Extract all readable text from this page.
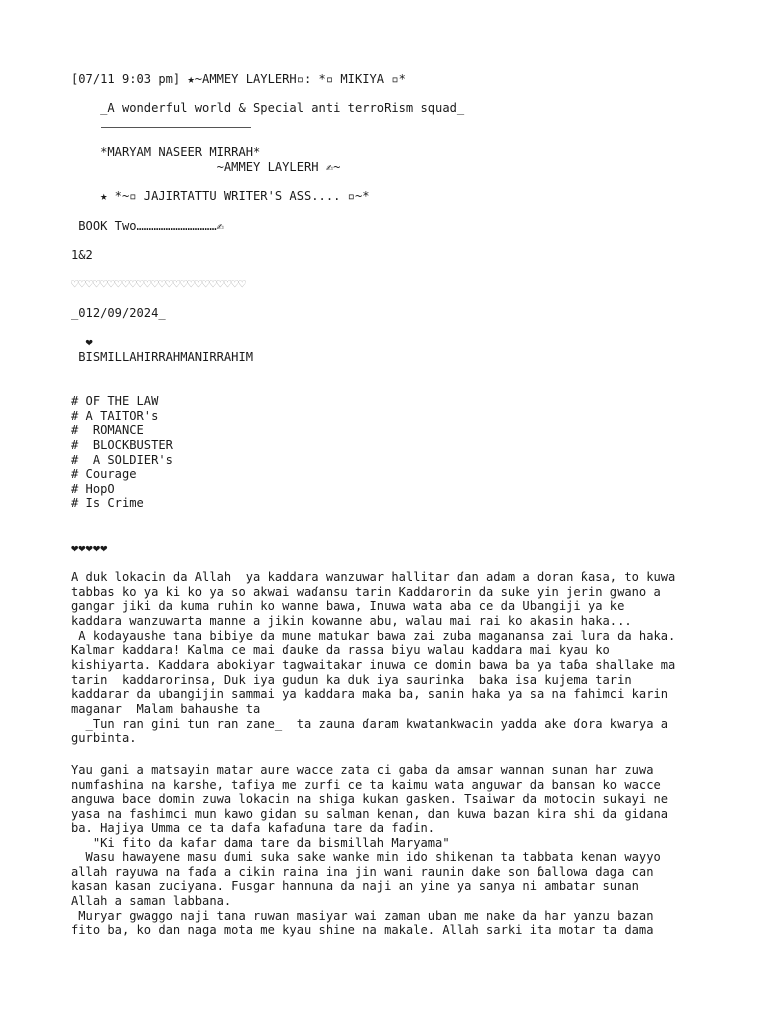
[07/11 9:03 pm] ★~AMMEY LAYLERH▫: *▫ MIKIYA ▫*
_A wonderful world & Special anti terroRism squad_
*MARYAM NASEER MIRRAH*
~AMMEY LAYLERH ✍~
★ *~▫ JAJIRTATTU WRITER'S ASS.... ▫~*
BOOK Two……………………………✍
1&2
♡♡♡♡♡♡♡♡♡♡♡♡♡♡♡♡♡♡♡♡♡♡♡♡
_012/09/2024_
❤
BISMILLAHIRRAHMANIRRAHIM
# OF THE LAW
# A TAITOR's
#  ROMANCE
#  BLOCKBUSTER
#  A SOLDIER's
# Courage
# HopO
# Is Crime
❤❤❤❤❤
A duk lokacin da Allah  ya kaddara wanzuwar hallitar ɗan adam a doran ƙasa, to kuwa
tabbas ko ya ki ko ya so akwai waɗansu tarin Kaddarorin da suke yin jerin gwano a
gangar jiki da kuma ruhin ko wanne bawa, Inuwa wata aba ce da Ubangiji ya ke
kaddara wanzuwarta manne a jikin kowanne abu, walau mai rai ko akasin haka...
A kodayaushe tana bibiye da mune matukar bawa zai zuba maganansa zai lura da haka.
Kalmar kaddara! Kalma ce mai ɗauke da rassa biyu walau kaddara mai kyau ko
kishiyarta. Kaddara abokiyar tagwaitakar inuwa ce domin bawa ba ya taɓa shallake ma
tarin  kaddarorinsa, Duk iya gudun ka duk iya saurinka  baka isa kujema tarin
kaddarar da ubangijin sammai ya kaddara maka ba, sanin haka ya sa na fahimci karin
maganar  Malam bahaushe ta
_Tun ran gini tun ran zane_  ta zauna ɗaram kwatankwacin yadda ake ɗora kwarya a
gurbinta.
Yau gani a matsayin matar aure wacce zata ci gaba da amsar wannan sunan har zuwa
numfashina na karshe, tafiya me zurfi ce ta kaimu wata anguwar da bansan ko wacce
anguwa bace domin zuwa lokacin na shiga kukan gasken. Tsaiwar da motocin sukayi ne
yasa na fashimci mun kawo gidan su salman kenan, dan kuwa bazan kira shi da gidana
ba. Hajiya Umma ce ta dafa kafaɗuna tare da faɗin.
"Ki fito da kafar dama tare da bismillah Maryama"
Wasu hawayene masu ɗumi suka sake wanke min ido shikenan ta tabbata kenan wayyo
allah rayuwa na faɗa a cikin raina ina jin wani raunin dake son ɓallowa daga can
kasan kasan zuciyana. Fusgar hannuna da naji an yine ya sanya ni ambatar sunan
Allah a saman labbana.
Muryar gwaggo naji tana ruwan masiyar wai zaman uban me nake da har yanzu bazan
fito ba, ko dan naga mota me kyau shine na makale. Allah sarki ita motar ta dama
